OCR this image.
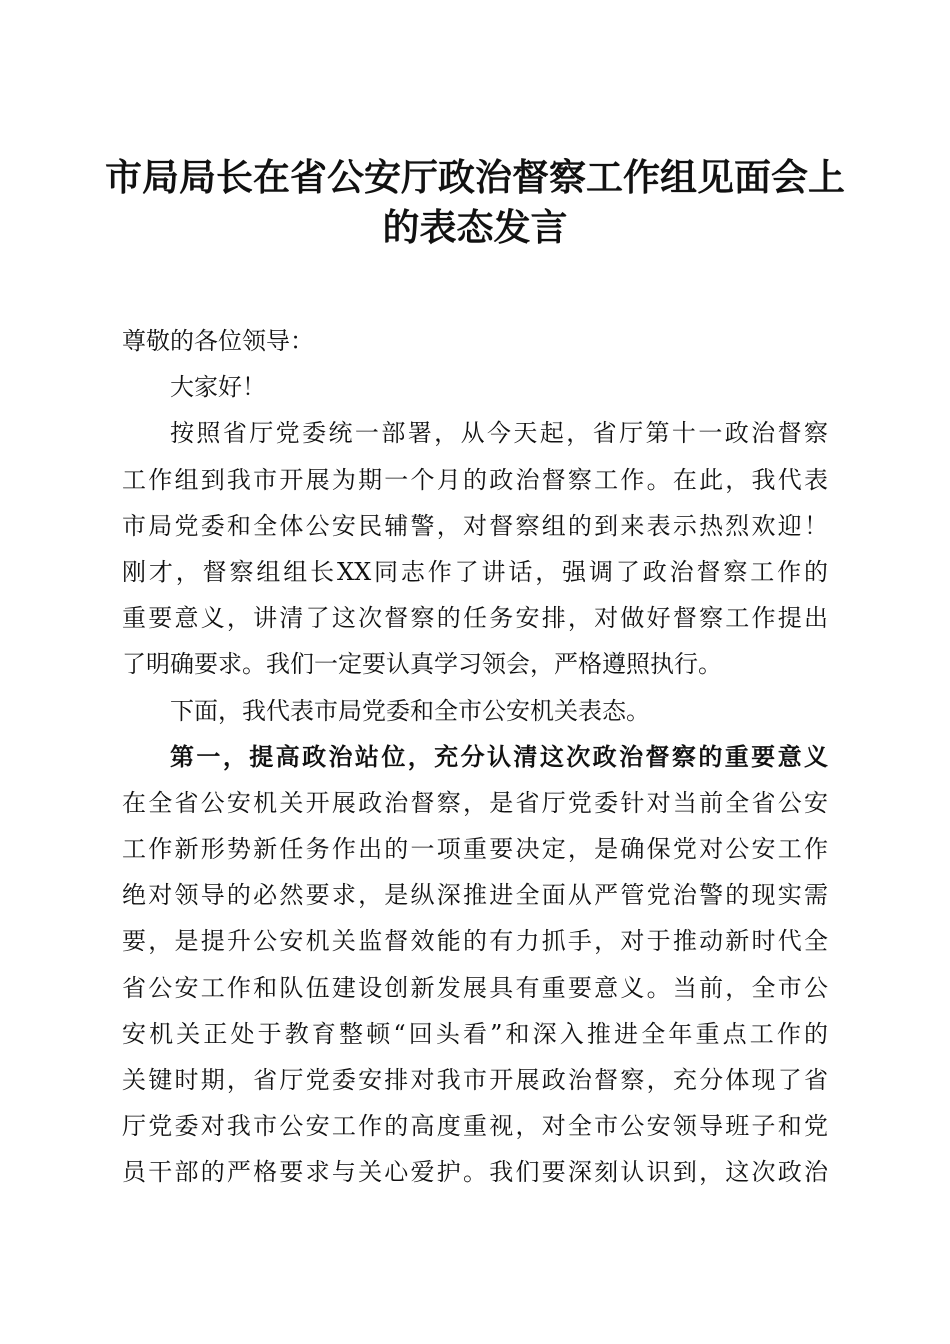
市局局长在省公安厅政治督察工作组见面会上
的表态发言
尊敬的各位领导：
大家好！
按照省厅党委统一部署，从今天起，省厅第十一政治督察
工作组到我市开展为期一个月的政治督察工作。在此，我代表
市局党委和全体公安民辅警，对督察组的到来表示热烈欢迎！
刚才，督察组组长XX同志作了讲话，强调了政治督察工作的
重要意义，讲清了这次督察的任务安排，对做好督察工作提出
了明确要求。我们一定要认真学习领会，严格遵照执行。
下面，我代表市局党委和全市公安机关表态。
第一，提高政治站位，充分认清这次政治督察的重要意义
在全省公安机关开展政治督察，是省厅党委针对当前全省公安
工作新形势新任务作出的一项重要决定，是确保党对公安工作
绝对领导的必然要求，是纵深推进全面从严管党治警的现实需
要，是提升公安机关监督效能的有力抓手，对于推动新时代全
省公安工作和队伍建设创新发展具有重要意义。当前，全市公
安机关正处于教育整顿“回头看”和深入推进全年重点工作的
关键时期，省厅党委安排对我市开展政治督察，充分体现了省
厅党委对我市公安工作的高度重视，对全市公安领导班子和党
员干部的严格要求与关心爱护。我们要深刻认识到，这次政治
